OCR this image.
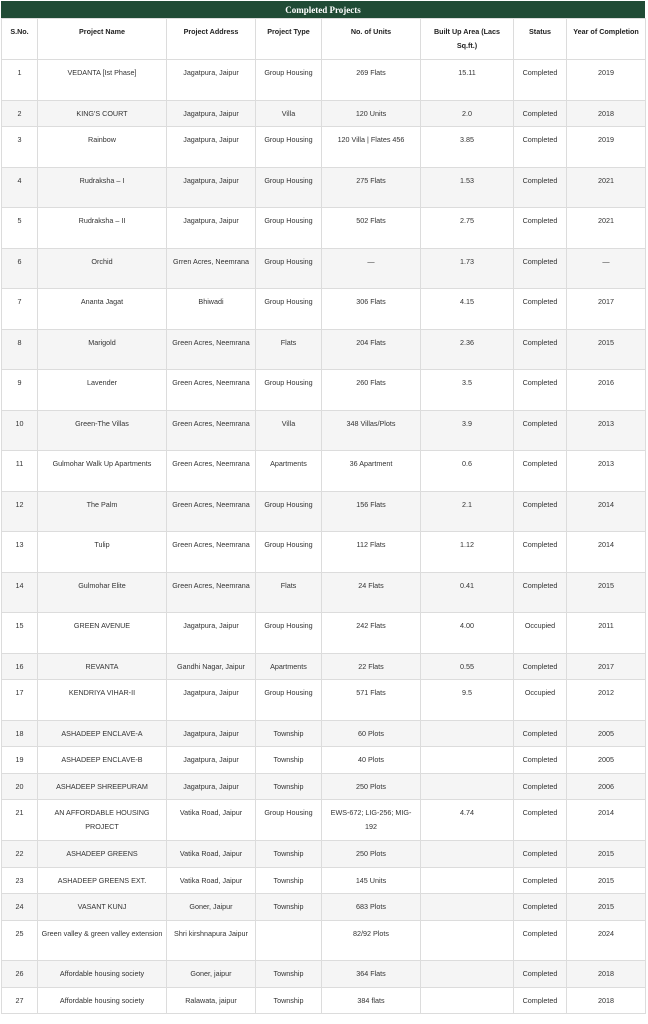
Completed Projects
S.No.	Project Name	Project Address	Project Type	No. of Units	Built Up Area (Lacs Sq.ft.)	Status	Year of Completion
1	VEDANTA [Ist Phase]	Jagatpura, Jaipur	Group Housing	269 Flats	15.11	Completed	2019
2	KING'S COURT	Jagatpura, Jaipur	Villa	120 Units	2.0	Completed	2018
3	Rainbow	Jagatpura, Jaipur	Group Housing	120 Villa | Flates 456	3.85	Completed	2019
4	Rudraksha – I	Jagatpura, Jaipur	Group Housing	275 Flats	1.53	Completed	2021
5	Rudraksha – II	Jagatpura, Jaipur	Group Housing	502 Flats	2.75	Completed	2021
6	Orchid	Grren Acres, Neemrana	Group Housing	—	1.73	Completed	—
7	Ananta Jagat	Bhiwadi	Group Housing	306 Flats	4.15	Completed	2017
8	Marigold	Green Acres, Neemrana	Flats	204 Flats	2.36	Completed	2015
9	Lavender	Green Acres, Neemrana	Group Housing	260 Flats	3.5	Completed	2016
10	Green-The Villas	Green Acres, Neemrana	Villa	348 Villas/Plots	3.9	Completed	2013
11	Gulmohar Walk Up Apartments	Green Acres, Neemrana	Apartments	36 Apartment	0.6	Completed	2013
12	The Palm	Green Acres, Neemrana	Group Housing	156 Flats	2.1	Completed	2014
13	Tulip	Green Acres, Neemrana	Group Housing	112 Flats	1.12	Completed	2014
14	Gulmohar Elite	Green Acres, Neemrana	Flats	24 Flats	0.41	Completed	2015
15	GREEN AVENUE	Jagatpura, Jaipur	Group Housing	242 Flats	4.00	Occupied	2011
16	REVANTA	Gandhi Nagar, Jaipur	Apartments	22 Flats	0.55	Completed	2017
17	KENDRIYA VIHAR-II	Jagatpura, Jaipur	Group Housing	571 Flats	9.5	Occupied	2012
18	ASHADEEP ENCLAVE-A	Jagatpura, Jaipur	Township	60 Plots		Completed	2005
19	ASHADEEP ENCLAVE-B	Jagatpura, Jaipur	Township	40 Plots		Completed	2005
20	ASHADEEP SHREEPURAM	Jagatpura, Jaipur	Township	250 Plots		Completed	2006
21	AN AFFORDABLE HOUSING PROJECT	Vatika Road, Jaipur	Group Housing	EWS-672; LIG-256; MIG-192	4.74	Completed	2014
22	ASHADEEP GREENS	Vatika Road, Jaipur	Township	250 Plots		Completed	2015
23	ASHADEEP GREENS EXT.	Vatika Road, Jaipur	Township	145 Units		Completed	2015
24	VASANT KUNJ	Goner, Jaipur	Township	683 Plots		Completed	2015
25	Green valley & green valley extension	Shri kirshnapura Jaipur		82/92 Plots		Completed	2024
26	Affordable housing society	Goner, jaipur	Township	364 Flats		Completed	2018
27	Affordable housing society	Ralawata, jaipur	Township	384 flats		Completed	2018
